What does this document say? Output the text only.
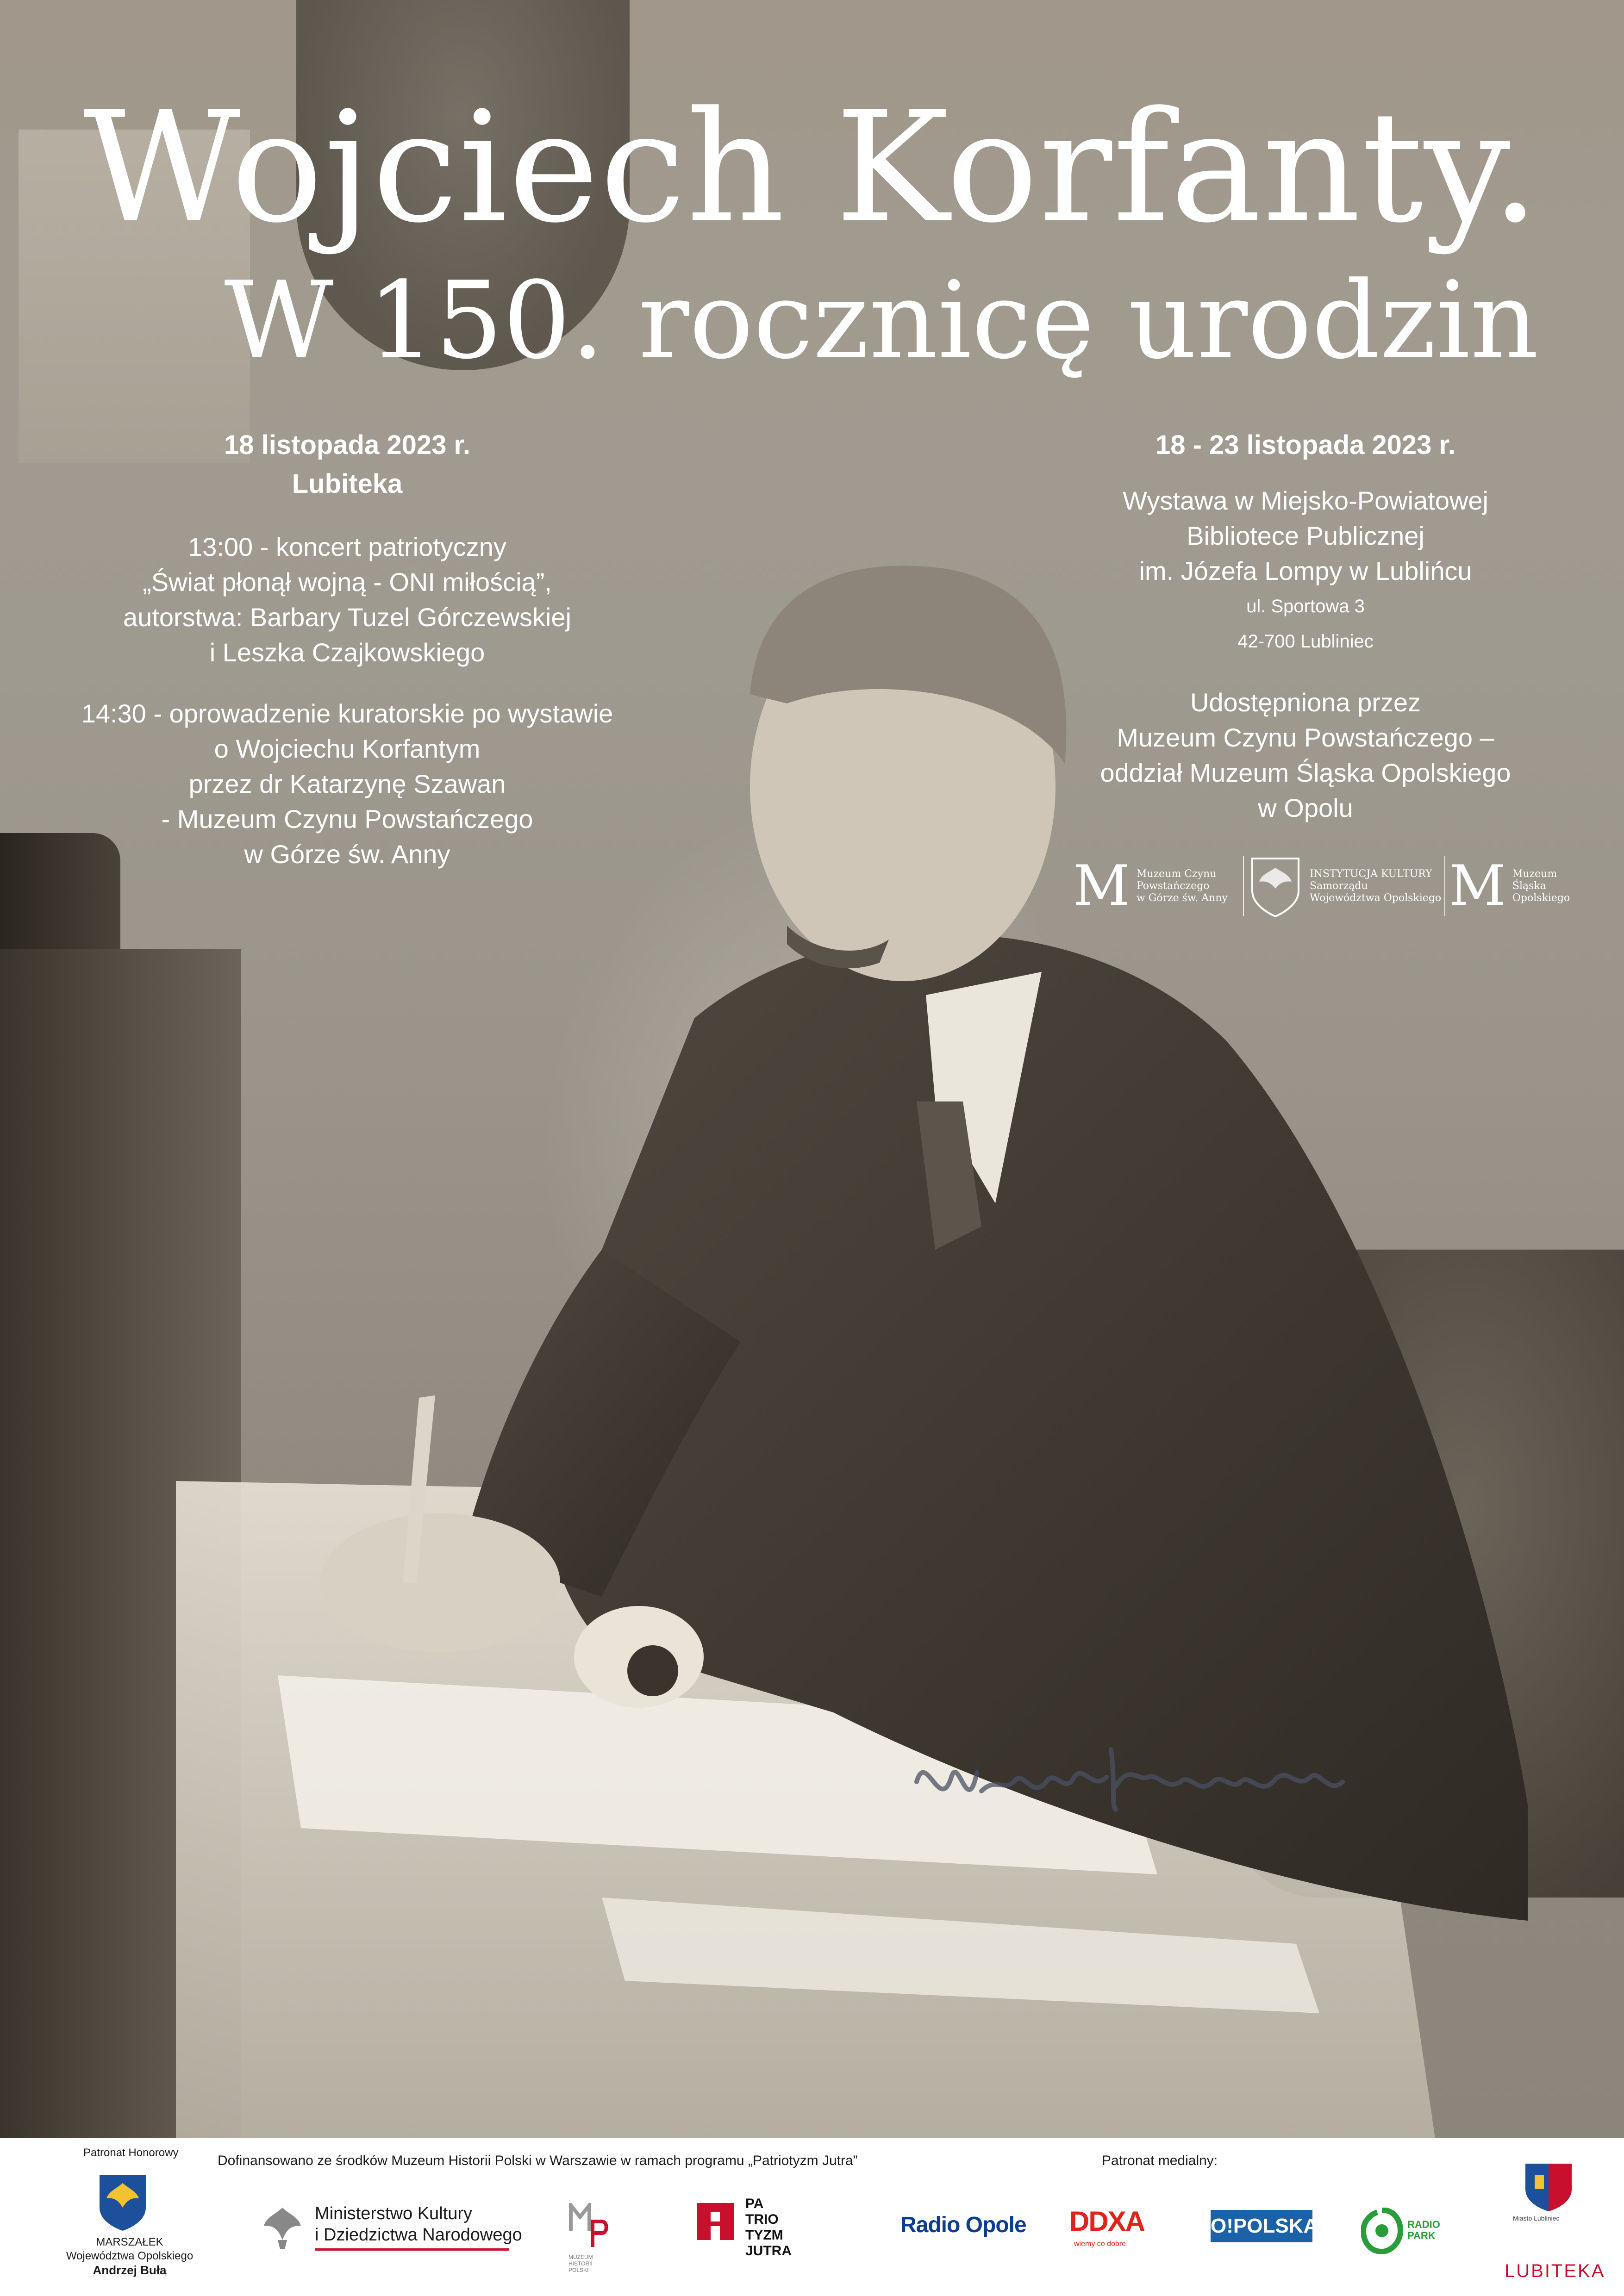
Wojciech Korfanty.
W 150. rocznicę urodzin

18 listopada 2023 r.

Lubiteka

13:00 - koncert patriotyczny

„Świat płonął wojną - ONI miłością”,

autorstwa: Barbary Tuzel Górczewskiej

i Leszka Czajkowskiego

14:30 - oprowadzenie kuratorskie po wystawie

o Wojciechu Korfantym

przez dr Katarzynę Szawan

- Muzeum Czynu Powstańczego

w Górze św. Anny

18 - 23 listopada 2023 r.

Wystawa w Miejsko-Powiatowej

Bibliotece Publicznej

im. Józefa Lompy w Lublińcu

ul. Sportowa 3

42-700 Lubliniec

Udostępniona przez

Muzeum Czynu Powstańczego –

oddział Muzeum Śląska Opolskiego

w Opolu

M Muzeum Czynu
Powstańczego
w Górze św. Anny
INSTYTUCJA KULTURY
Samorządu
Województwa Opolskiego M Muzeum
Śląska
Opolskiego
Patronat Honorowy
Dofinansowano ze środków Muzeum Historii Polski w Warszawie w ramach programu „Patriotyzm Jutra”	Patronat medialny:
MARSZAŁEK
Województwa Opolskiego
Andrzej Buła
Ministerstwo Kultury
i Dziedzictwa Narodowego
MUZEUM
HISTORII
POLSKI
PA
TRIO
TYZM
JUTRA
Radio Opole DDXA
wiemy co dobre
O!POLSKA	RADIO
PARK
Miasto Lubliniec
LUBITEKA
